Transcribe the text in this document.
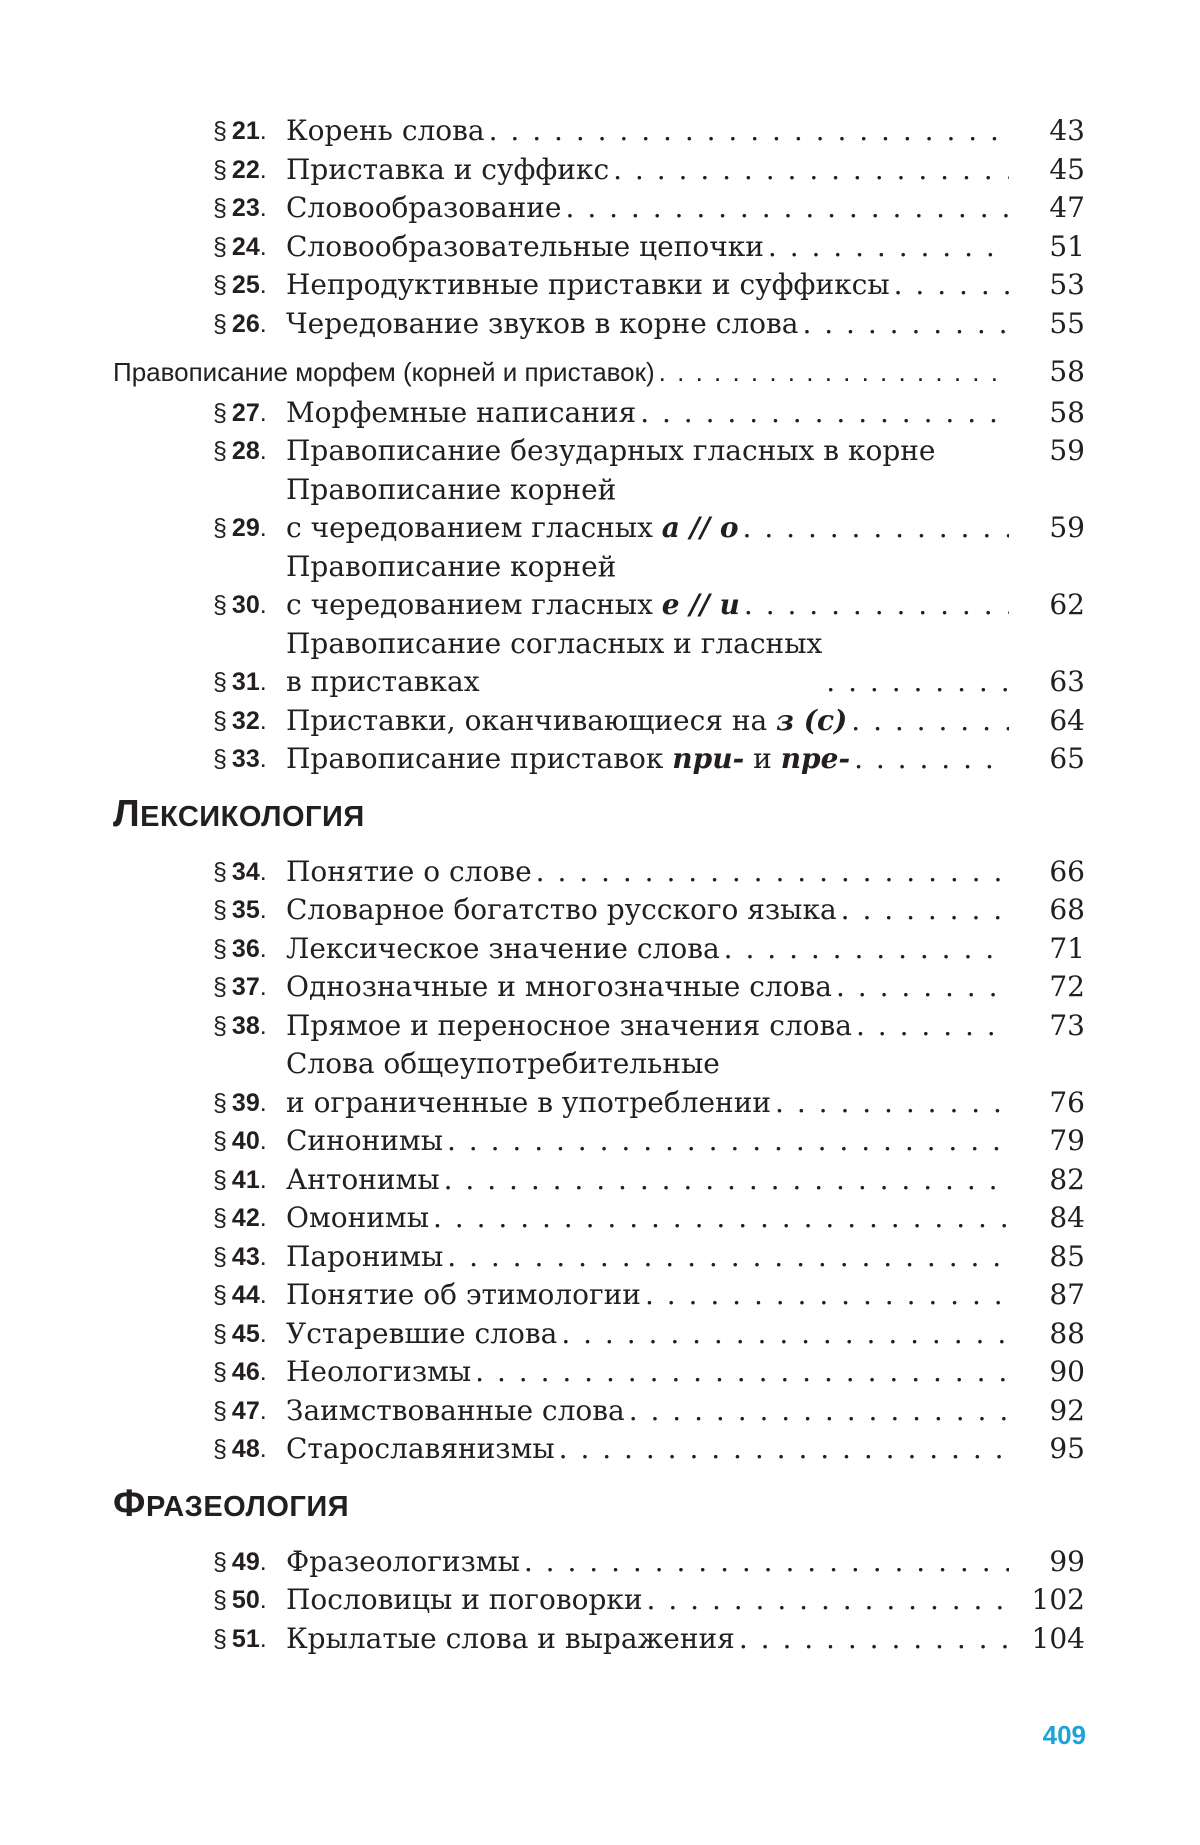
§  21. Корень слова
. . .	43
§  22. Приставка и суффикс
. . .	45
§  23. Словообразование
. . .	47
§  24. Словообразовательные цепочки
. . .	51
§  25. Непродуктивные приставки и суффиксы
. . .	53
§  26. Чередование звуков в корне слова
. . .	55
Правописание морфем (корней и приставок)
. . .	58
§  27. Морфемные написания
. . .	58
§  28. Правописание безударных гласных в корне	59
§  29.
Правописание корней
с чередованием гласных а // о
. . .	59
§  30.
Правописание корней
с чередованием гласных е // и
. . .	62
§  31.
Правописание согласных и гласных
в приставках
. . .	63
§  32. Приставки, оканчивающиеся на з (с)
. . .	64
§  33. Правописание приставок при- и пре-
. . .	65
ЛЕКСИКОЛОГИЯ
§  34. Понятие о слове
. . .	66
§  35. Словарное богатство русского языка
. . .	68
§  36. Лексическое значение слова
. . .	71
§  37. Однозначные и многозначные слова
. . .	72
§  38. Прямое и переносное значения слова
. . .	73
§  39.
Слова общеупотребительные
и ограниченные в употреблении
. . .	76
§  40. Синонимы
. . .	79
§  41. Антонимы
. . .	82
§  42. Омонимы
. . .	84
§  43. Паронимы
. . .	85
§  44. Понятие об этимологии
. . .	87
§  45. Устаревшие слова
. . .	88
§  46. Неологизмы
. . .	90
§  47. Заимствованные слова
. . .	92
§  48. Старославянизмы
. . .	95
ФРАЗЕОЛОГИЯ
§  49. Фразеологизмы
. . .	99
§  50. Пословицы и поговорки
. . .	102
§  51. Крылатые слова и выражения
. . .	104
409
